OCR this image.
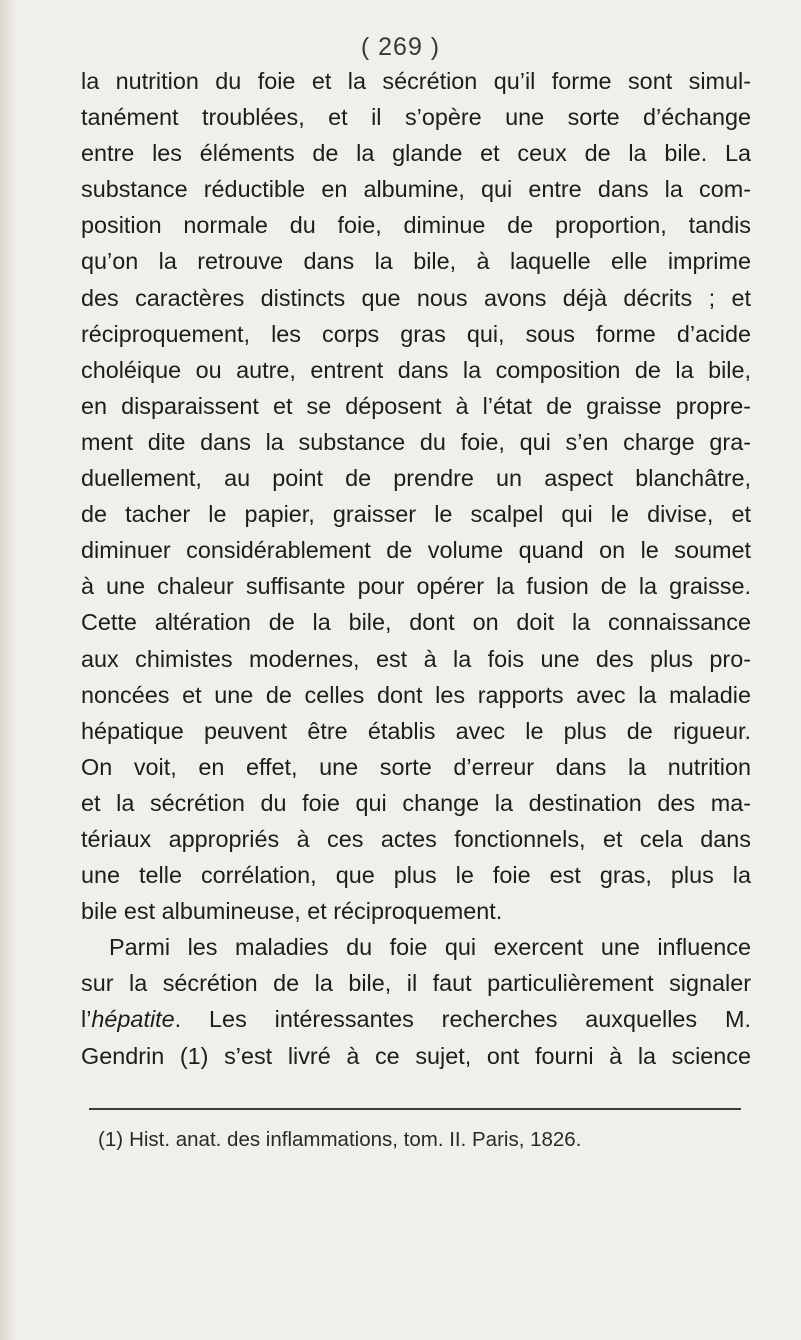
( 269 )
la nutrition du foie et la sécrétion qu’il forme sont simul-
tanément troublées, et il s’opère une sorte d’échange
entre les éléments de la glande et ceux de la bile. La
substance réductible en albumine, qui entre dans la com-
position normale du foie, diminue de proportion, tandis
qu’on la retrouve dans la bile, à laquelle elle imprime
des caractères distincts que nous avons déjà décrits ; et
réciproquement, les corps gras qui, sous forme d’acide
choléique ou autre, entrent dans la composition de la bile,
en disparaissent et se déposent à l’état de graisse propre-
ment dite dans la substance du foie, qui s’en charge gra-
duellement, au point de prendre un aspect blanchâtre,
de tacher le papier, graisser le scalpel qui le divise, et
diminuer considérablement de volume quand on le soumet
à une chaleur suffisante pour opérer la fusion de la graisse.
Cette altération de la bile, dont on doit la connaissance
aux chimistes modernes, est à la fois une des plus pro-
noncées et une de celles dont les rapports avec la maladie
hépatique peuvent être établis avec le plus de rigueur.
On voit, en effet, une sorte d’erreur dans la nutrition
et la sécrétion du foie qui change la destination des ma-
tériaux appropriés à ces actes fonctionnels, et cela dans
une telle corrélation, que plus le foie est gras, plus la
bile est albumineuse, et réciproquement.
Parmi les maladies du foie qui exercent une influence
sur la sécrétion de la bile, il faut particulièrement signaler
l’hépatite. Les intéressantes recherches auxquelles M.
Gendrin (1) s’est livré à ce sujet, ont fourni à la science
(1) Hist. anat. des inflammations, tom. II. Paris, 1826.
